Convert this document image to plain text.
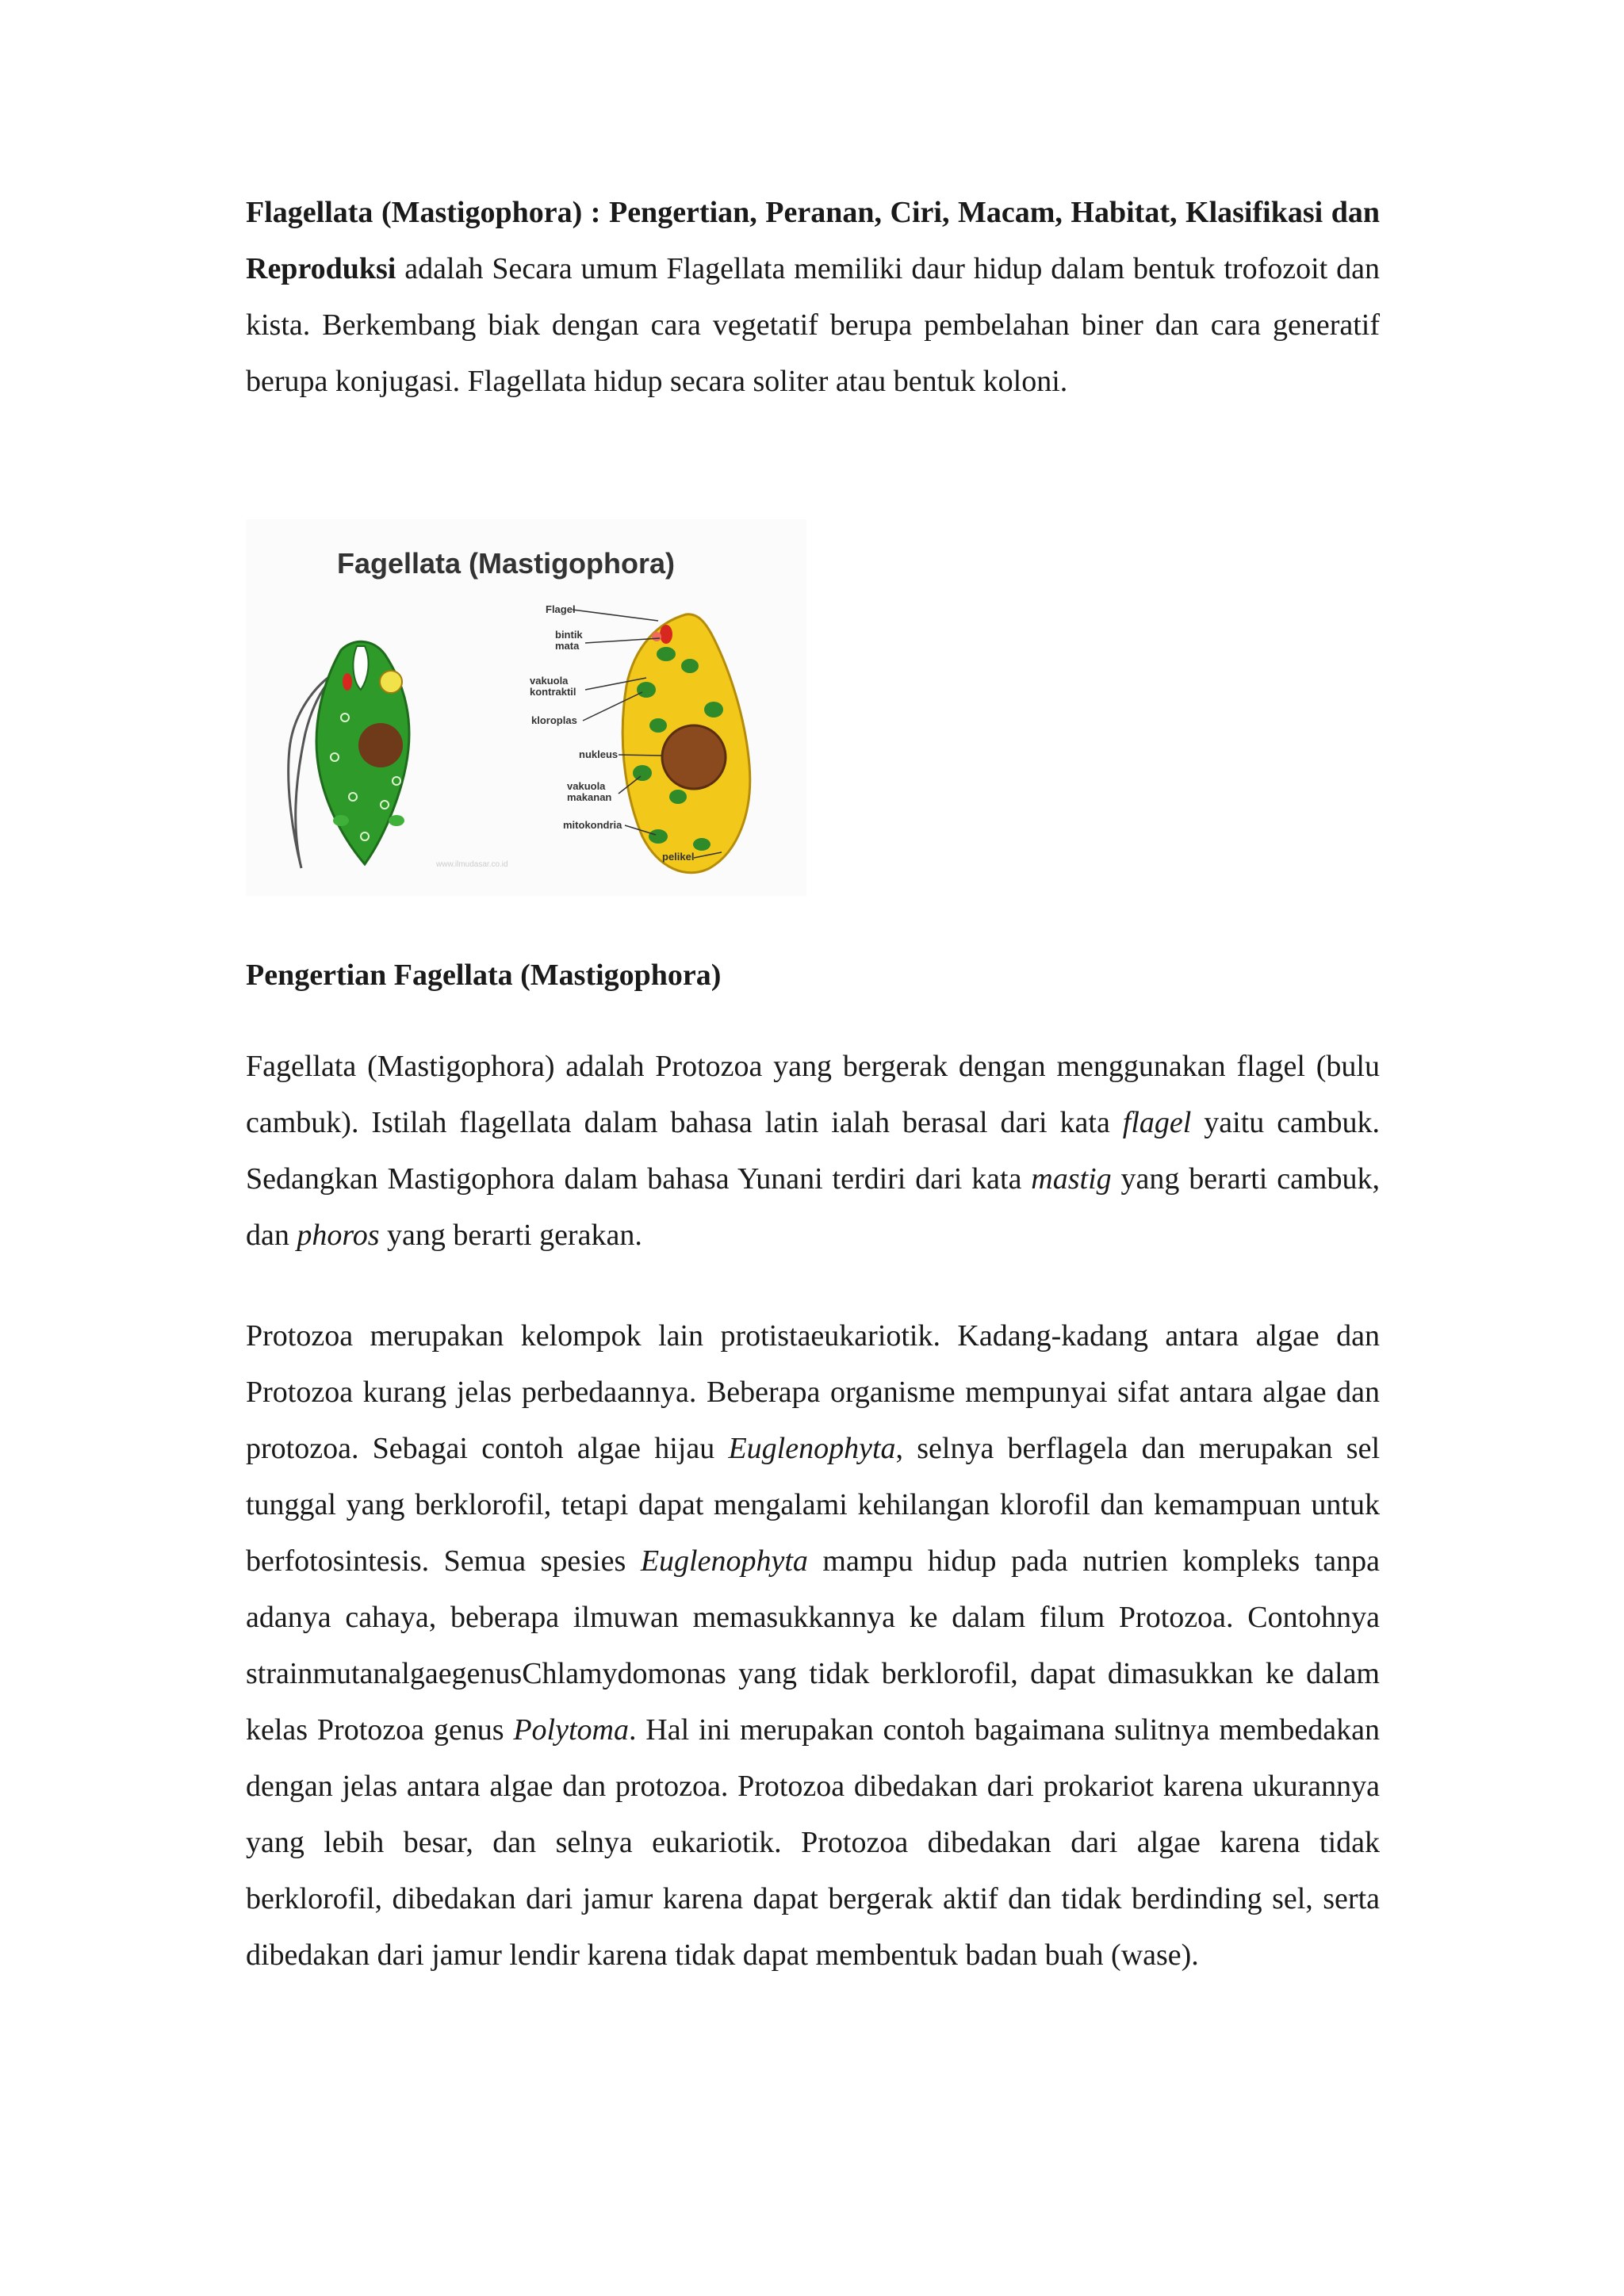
Flagellata (Mastigophora) : Pengertian, Peranan, Ciri, Macam, Habitat, Klasifikasi dan Reproduksi adalah Secara umum Flagellata memiliki daur hidup dalam bentuk trofozoit dan kista. Berkembang biak dengan cara vegetatif berupa pembelahan biner dan cara generatif berupa konjugasi. Flagellata hidup secara soliter atau bentuk koloni.

Fagellata (Mastigophora)
Flagel
bintik
mata
vakuola
kontraktil
kloroplas
nukleus
vakuola
makanan
mitokondria
pelikel
www.ilmudasar.co.id

Pengertian Fagellata (Mastigophora)

Fagellata (Mastigophora) adalah Protozoa yang bergerak dengan menggunakan flagel (bulu cambuk). Istilah flagellata dalam bahasa latin ialah berasal dari kata flagel yaitu cambuk. Sedangkan Mastigophora dalam bahasa Yunani terdiri dari kata mastig yang berarti cambuk, dan phoros yang berarti gerakan.

Protozoa merupakan kelompok lain protistaeukariotik. Kadang-kadang antara algae dan Protozoa kurang jelas perbedaannya. Beberapa organisme mempunyai sifat antara algae dan protozoa. Sebagai contoh algae hijau Euglenophyta, selnya berflagela dan merupakan sel tunggal yang berklorofil, tetapi dapat mengalami kehilangan klorofil dan kemampuan untuk berfotosintesis. Semua spesies Euglenophyta mampu hidup pada nutrien kompleks tanpa adanya cahaya, beberapa ilmuwan memasukkannya ke dalam filum Protozoa. Contohnya strainmutanalgaegenusChlamydomonas yang tidak berklorofil, dapat dimasukkan ke dalam kelas Protozoa genus Polytoma. Hal ini merupakan contoh bagaimana sulitnya membedakan dengan jelas antara algae dan protozoa. Protozoa dibedakan dari prokariot karena ukurannya yang lebih besar, dan selnya eukariotik. Protozoa dibedakan dari algae karena tidak berklorofil, dibedakan dari jamur karena dapat bergerak aktif dan tidak berdinding sel, serta dibedakan dari jamur lendir karena tidak dapat membentuk badan buah (wase).
